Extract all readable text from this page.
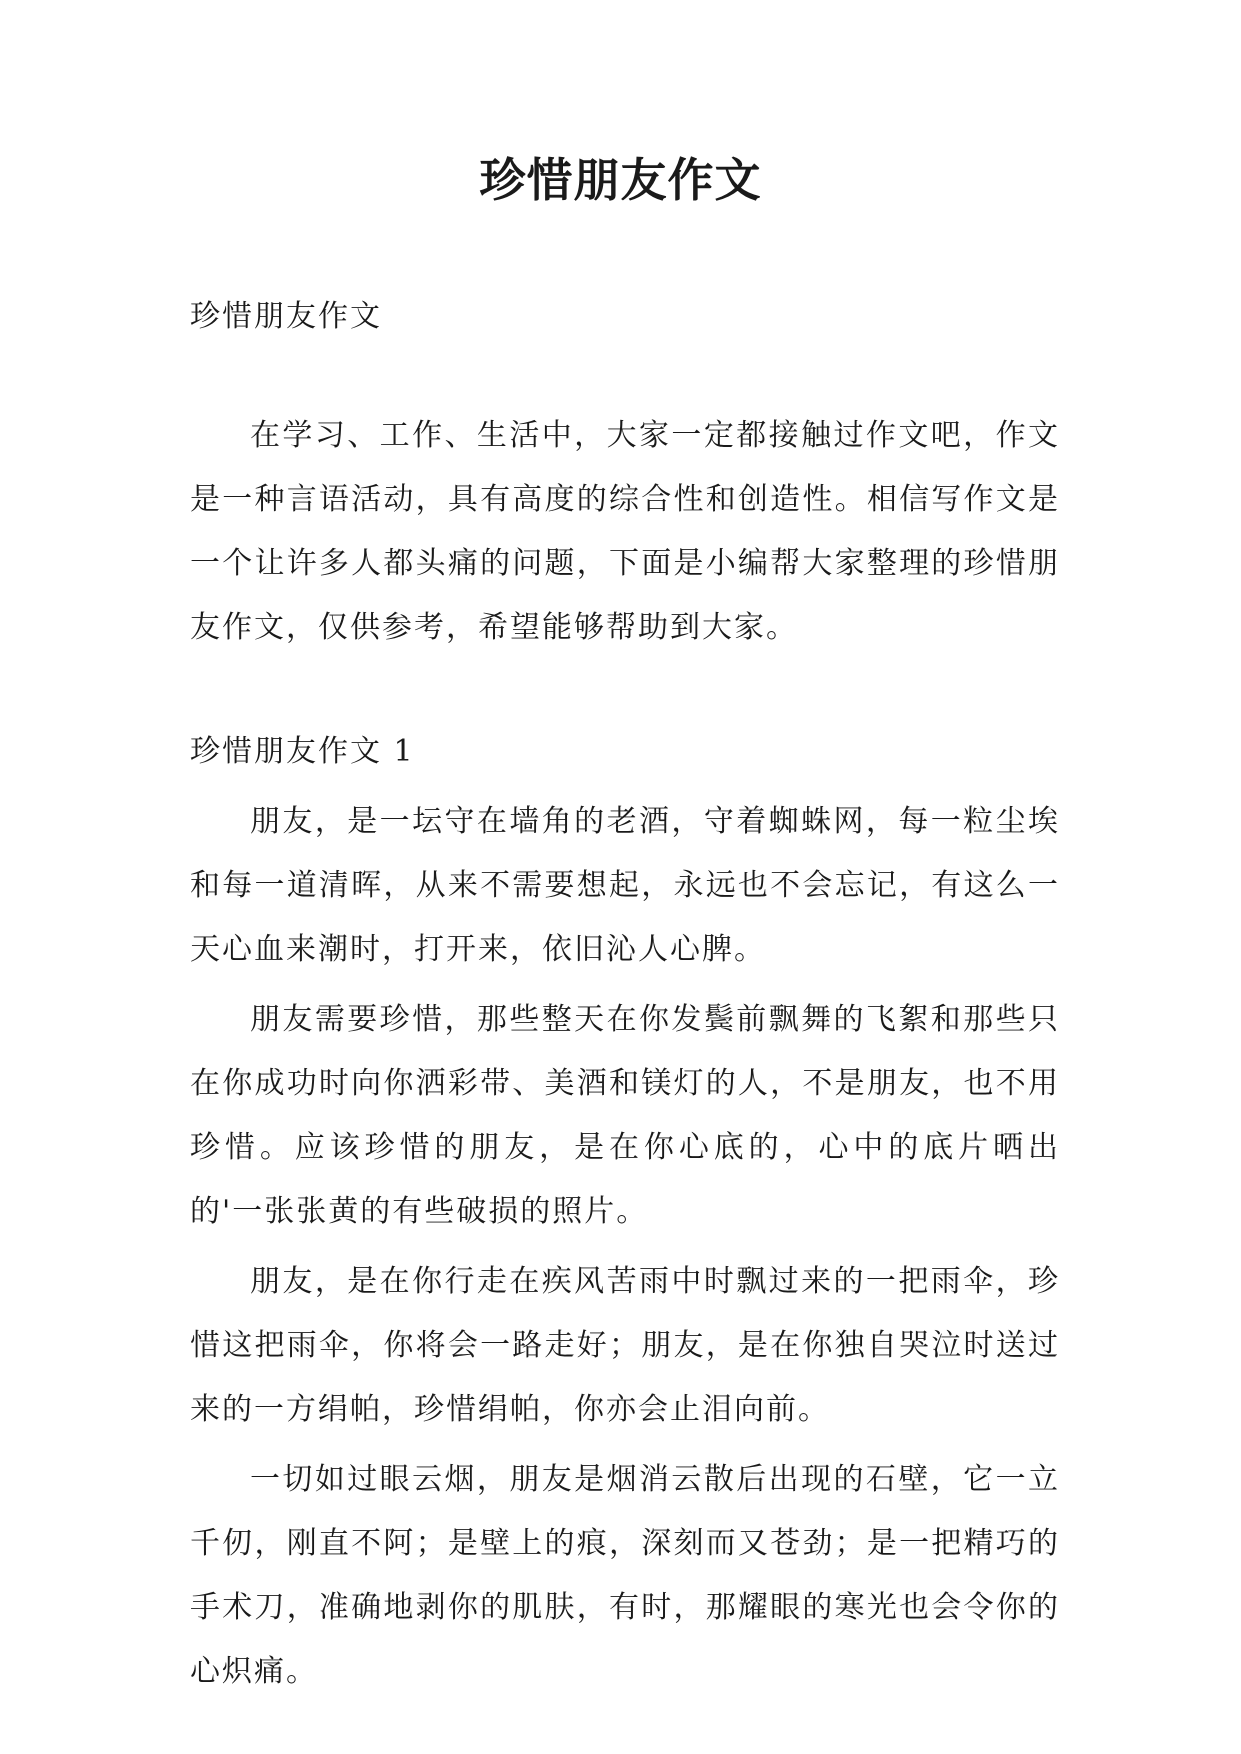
珍惜朋友作文

珍惜朋友作文

在学习、工作、生活中，大家一定都接触过作文吧，作文是一种言语活动，具有高度的综合性和创造性。相信写作文是一个让许多人都头痛的问题，下面是小编帮大家整理的珍惜朋友作文，仅供参考，希望能够帮助到大家。

珍惜朋友作文 1

朋友，是一坛守在墙角的老酒，守着蜘蛛网，每一粒尘埃和每一道清晖，从来不需要想起，永远也不会忘记，有这么一天心血来潮时，打开来，依旧沁人心脾。

朋友需要珍惜，那些整天在你发鬓前飘舞的飞絮和那些只在你成功时向你洒彩带、美酒和镁灯的人，不是朋友，也不用珍惜。应该珍惜的朋友，是在你心底的，心中的底片晒出的'一张张黄的有些破损的照片。

朋友，是在你行走在疾风苦雨中时飘过来的一把雨伞，珍惜这把雨伞，你将会一路走好；朋友，是在你独自哭泣时送过来的一方绢帕，珍惜绢帕，你亦会止泪向前。

一切如过眼云烟，朋友是烟消云散后出现的石壁，它一立千仞，刚直不阿；是壁上的痕，深刻而又苍劲；是一把精巧的手术刀，准确地剥你的肌肤，有时，那耀眼的寒光也会令你的心炽痛。
